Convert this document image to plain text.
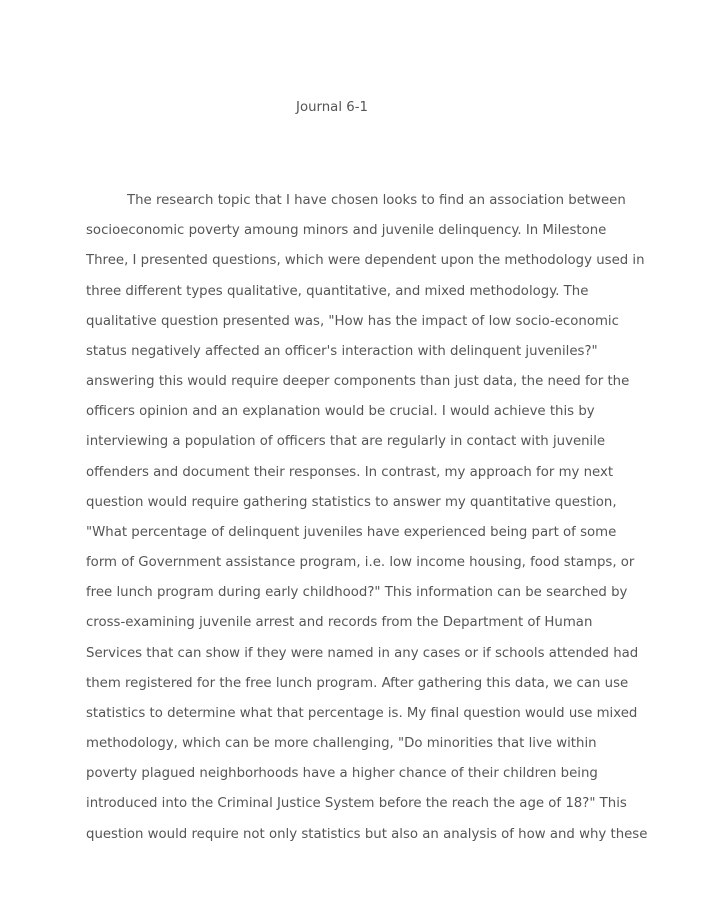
Journal 6-1
The research topic that I have chosen looks to find an association between
socioeconomic poverty amoung minors and juvenile delinquency. In Milestone
Three, I presented questions, which were dependent upon the methodology used in
three different types qualitative, quantitative, and mixed methodology. The
qualitative question presented was, "How has the impact of low socio-economic
status negatively affected an officer's interaction with delinquent juveniles?"
answering this would require deeper components than just data, the need for the
officers opinion and an explanation would be crucial. I would achieve this by
interviewing a population of officers that are regularly in contact with juvenile
offenders and document their responses. In contrast, my approach for my next
question would require gathering statistics to answer my quantitative question,
"What percentage of delinquent juveniles have experienced being part of some
form of Government assistance program, i.e. low income housing, food stamps, or
free lunch program during early childhood?" This information can be searched by
cross-examining juvenile arrest and records from the Department of Human
Services that can show if they were named in any cases or if schools attended had
them registered for the free lunch program. After gathering this data, we can use
statistics to determine what that percentage is. My final question would use mixed
methodology, which can be more challenging, "Do minorities that live within
poverty plagued neighborhoods have a higher chance of their children being
introduced into the Criminal Justice System before the reach the age of 18?" This
question would require not only statistics but also an analysis of how and why these
